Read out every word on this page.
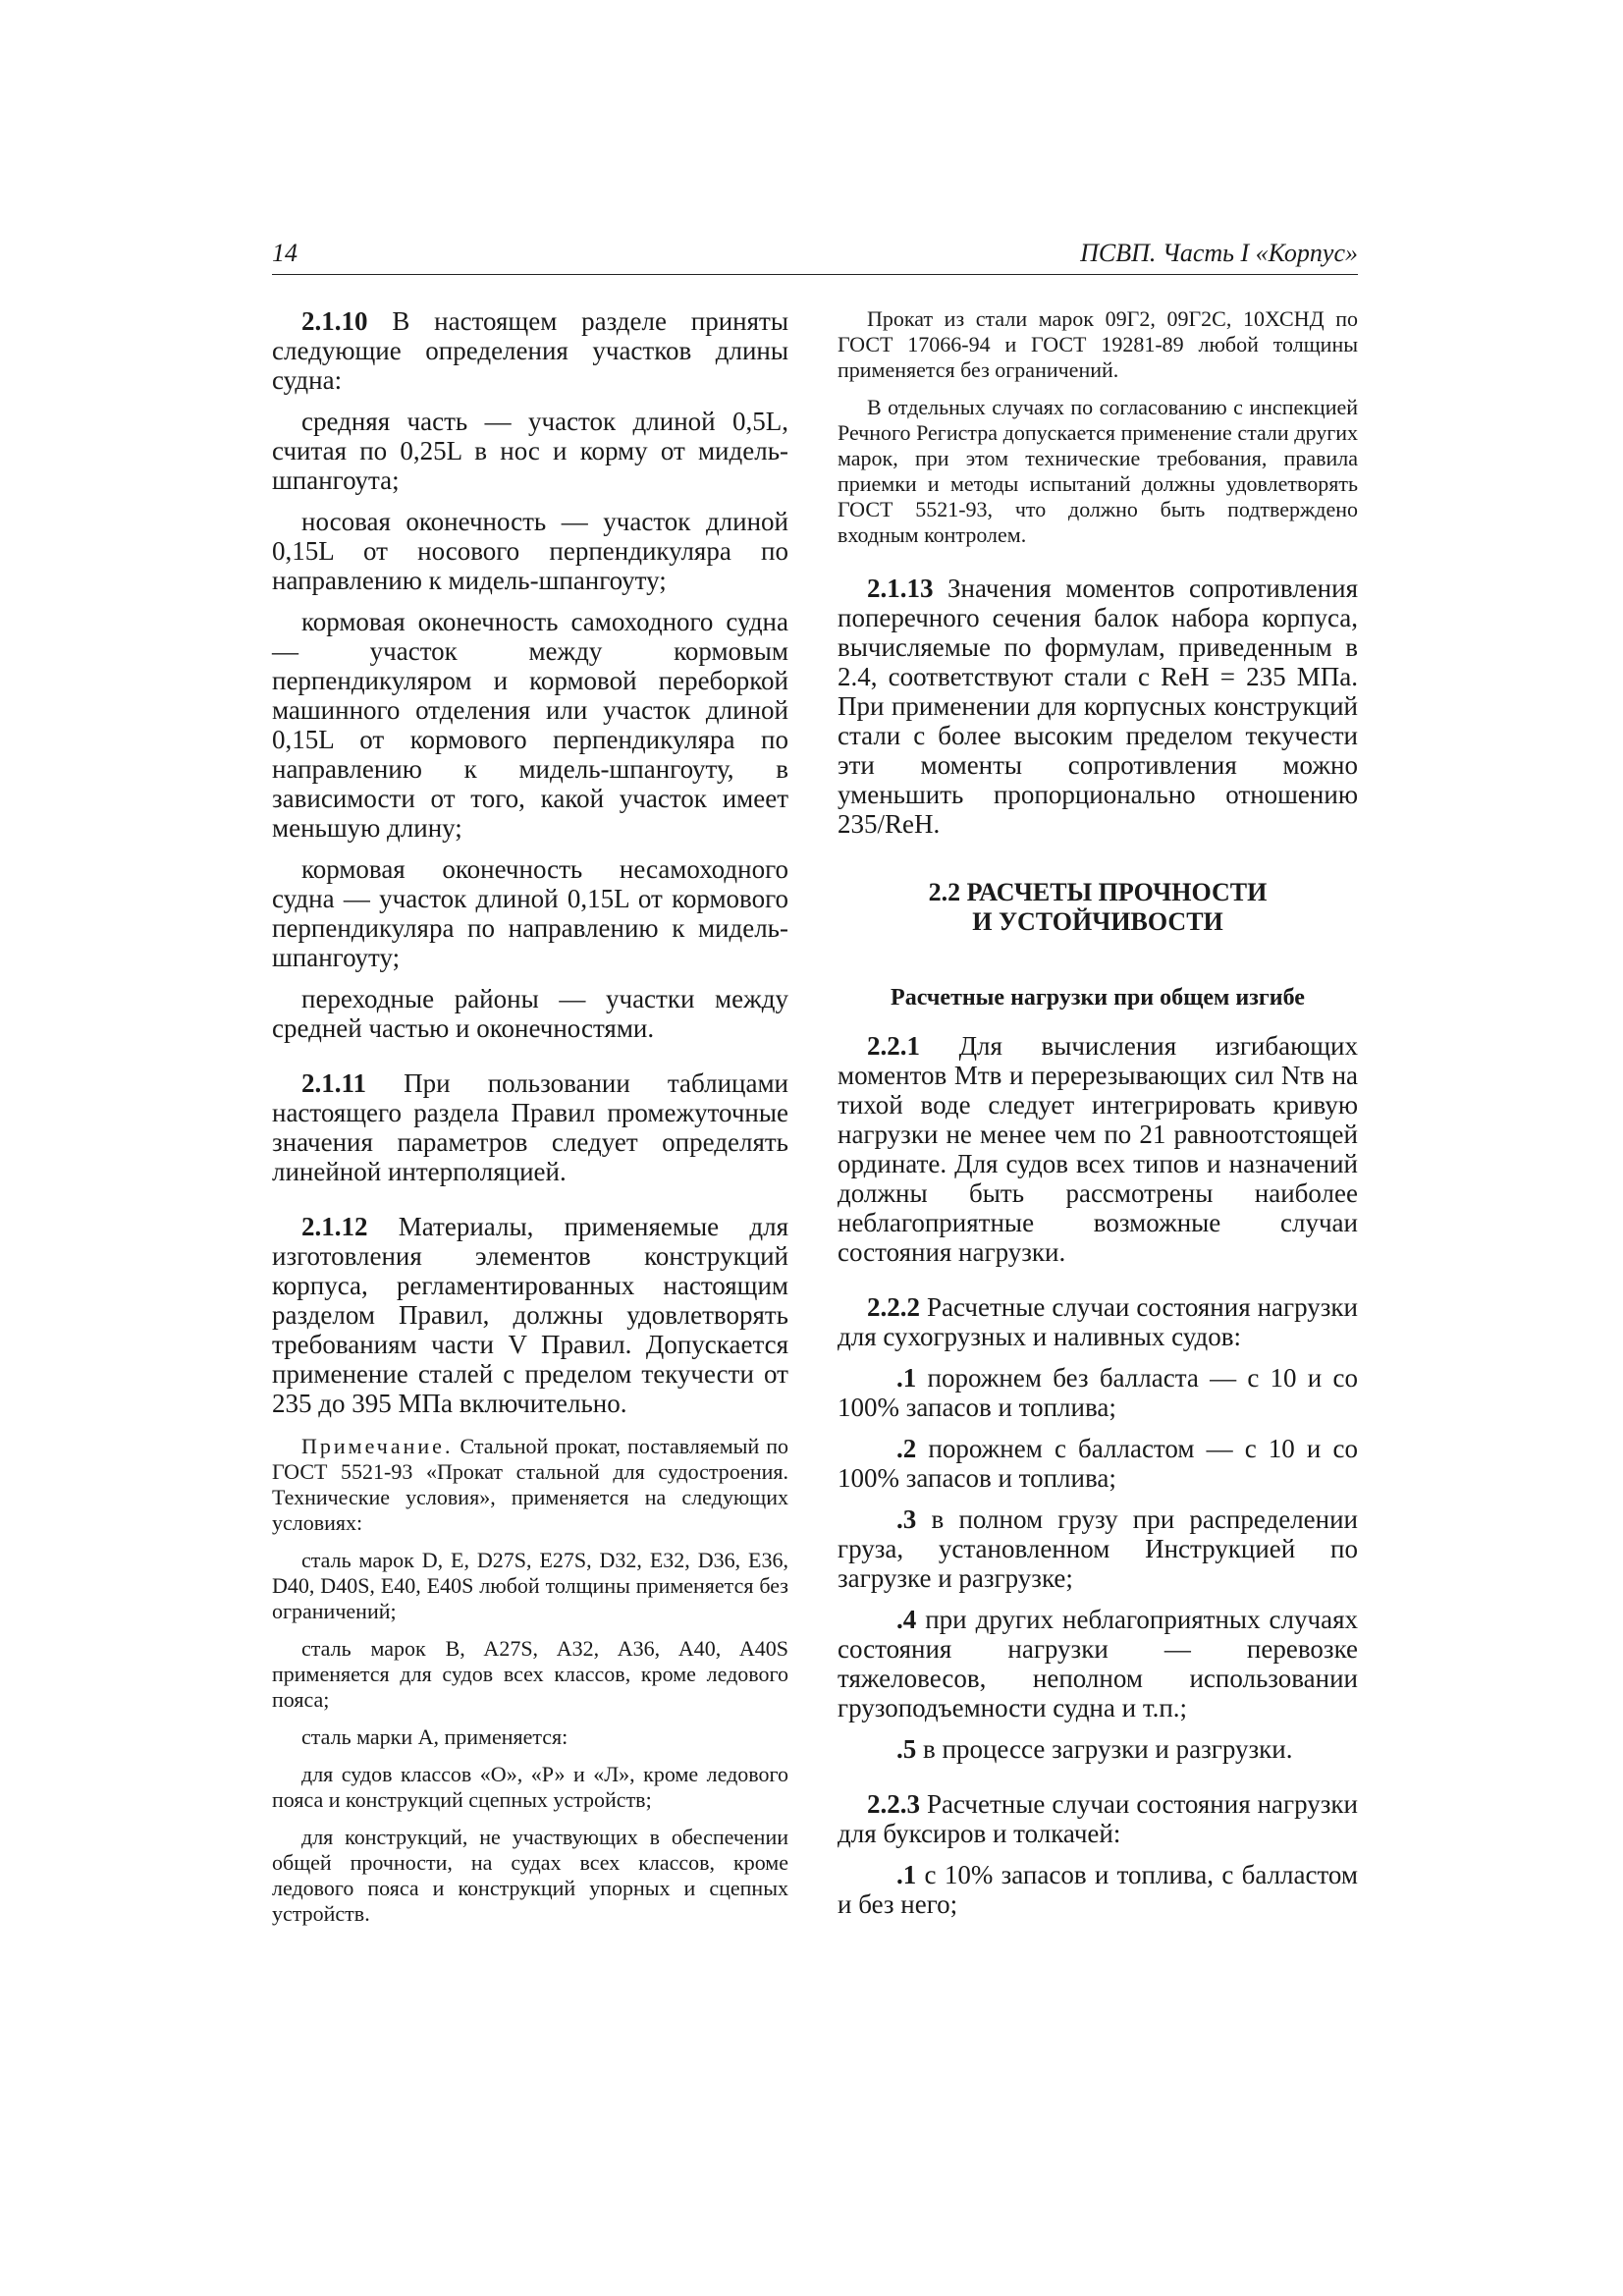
14	ПСВП. Часть I «Корпус»

2.1.10 В настоящем разделе приняты следующие определения участков длины судна:

средняя часть — участок длиной 0,5L, считая по 0,25L в нос и корму от мидель-шпангоута;

носовая оконечность — участок длиной 0,15L от носового перпендикуляра по направлению к мидель-шпангоуту;

кормовая оконечность самоходного судна — участок между кормовым перпендикуляром и кормовой переборкой машинного отделения или участок длиной 0,15L от кормового перпендикуляра по направлению к мидель-шпангоуту, в зависимости от того, какой участок имеет меньшую длину;

кормовая оконечность несамоходного судна — участок длиной 0,15L от кормового перпендикуляра по направлению к мидель-шпангоуту;

переходные районы — участки между средней частью и оконечностями.

2.1.11 При пользовании таблицами настоящего раздела Правил промежуточные значения параметров следует определять линейной интерполяцией.

2.1.12 Материалы, применяемые для изготовления элементов конструкций корпуса, регламентированных настоящим разделом Правил, должны удовлетворять требованиям части V Правил. Допускается применение сталей с пределом текучести от 235 до 395 МПа включительно.

Примечание. Стальной прокат, поставляемый по ГОСТ 5521-93 «Прокат стальной для судостроения. Технические условия», применяется на следующих условиях:

сталь марок D, E, D27S, E27S, D32, E32, D36, E36, D40, D40S, E40, E40S любой толщины применяется без ограничений;

сталь марок B, A27S, A32, A36, A40, A40S применяется для судов всех классов, кроме ледового пояса;

сталь марки А, применяется:

для судов классов «О», «Р» и «Л», кроме ледового пояса и конструкций сцепных устройств;

для конструкций, не участвующих в обеспечении общей прочности, на судах всех классов, кроме ледового пояса и конструкций упорных и сцепных устройств.

Прокат из стали марок 09Г2, 09Г2С, 10ХСНД по ГОСТ 17066-94 и ГОСТ 19281-89 любой толщины применяется без ограничений.

В отдельных случаях по согласованию с инспекцией Речного Регистра допускается применение стали других марок, при этом технические требования, правила приемки и методы испытаний должны удовлетворять ГОСТ 5521-93, что должно быть подтверждено входным контролем.

2.1.13 Значения моментов сопротивления поперечного сечения балок набора корпуса, вычисляемые по формулам, приведенным в 2.4, соответствуют стали с ReH = 235 МПа. При применении для корпусных конструкций стали с более высоким пределом текучести эти моменты сопротивления можно уменьшить пропорционально отношению 235/ReH.

2.2 РАСЧЕТЫ ПРОЧНОСТИ
И УСТОЙЧИВОСТИ
Расчетные нагрузки при общем изгибе

2.2.1 Для вычисления изгибающих моментов Mтв и перерезывающих сил Nтв на тихой воде следует интегрировать кривую нагрузки не менее чем по 21 равноотстоящей ординате. Для судов всех типов и назначений должны быть рассмотрены наиболее неблагоприятные возможные случаи состояния нагрузки.

2.2.2 Расчетные случаи состояния нагрузки для сухогрузных и наливных судов:

.1 порожнем без балласта — с 10 и со 100% запасов и топлива;

.2 порожнем с балластом — с 10 и со 100% запасов и топлива;

.3 в полном грузу при распределении груза, установленном Инструкцией по загрузке и разгрузке;

.4 при других неблагоприятных случаях состояния нагрузки — перевозке тяжеловесов, неполном использовании грузоподъемности судна и т.п.;

.5 в процессе загрузки и разгрузки.

2.2.3 Расчетные случаи состояния нагрузки для буксиров и толкачей:

.1 с 10% запасов и топлива, с балластом и без него;
